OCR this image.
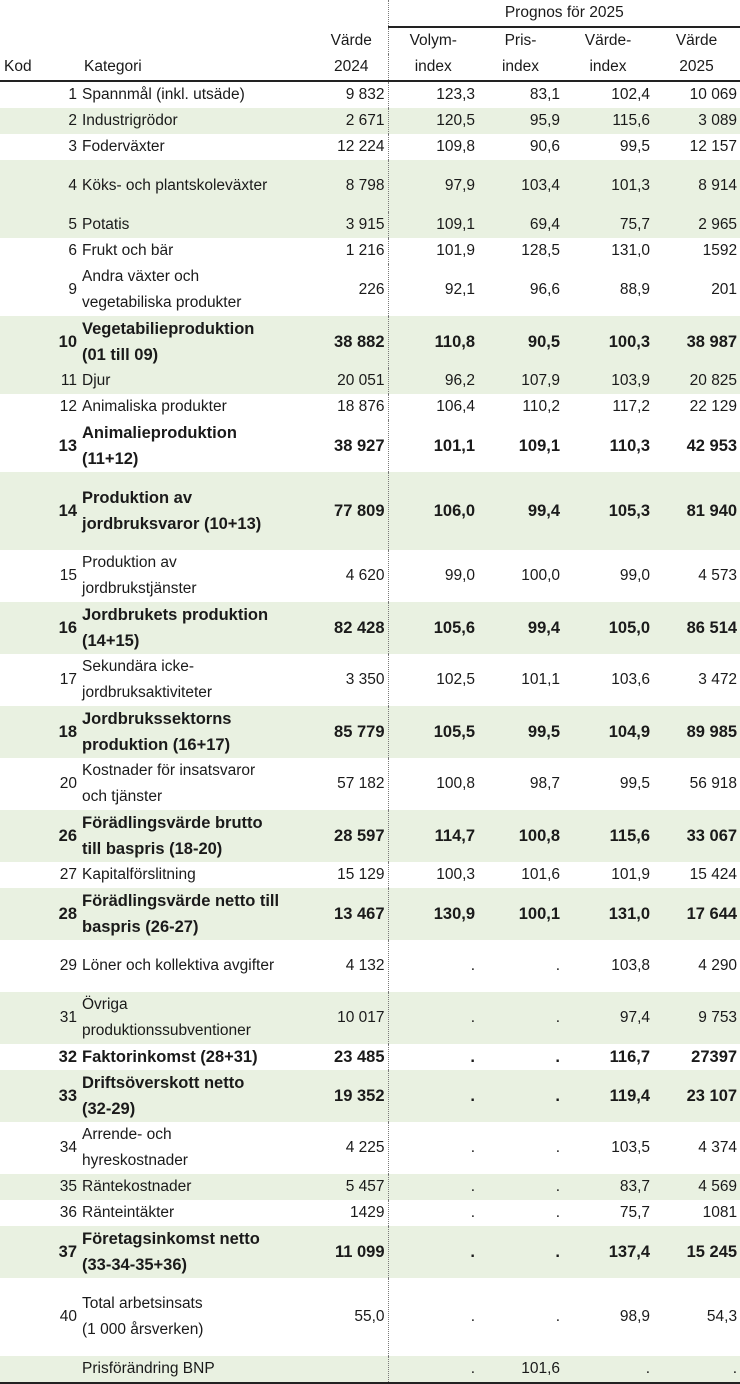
			Prognos för 2025			
		Värde	Volym-	Pris-	Värde-	Värde
Kod	Kategori	2024	index	index	index	2025
1	Spannmål (inkl. utsäde)	9 832	123,3	83,1	102,4	10 069
2	Industrigrödor	2 671	120,5	95,9	115,6	3 089
3	Foderväxter	12 224	109,8	90,6	99,5	12 157
4	Köks- och plantskoleväxter	8 798	97,9	103,4	101,3	8 914
5	Potatis	3 915	109,1	69,4	75,7	2 965
6	Frukt och bär	1 216	101,9	128,5	131,0	1592
9	Andra växter och
vegetabiliska produkter	226	92,1	96,6	88,9	201
10	Vegetabilieproduktion
(01 till 09)	38 882	110,8	90,5	100,3	38 987
11	Djur	20 051	96,2	107,9	103,9	20 825
12	Animaliska produkter	18 876	106,4	110,2	117,2	22 129
13	Animalieproduktion
(11+12)	38 927	101,1	109,1	110,3	42 953
14	Produktion av
jordbruksvaror (10+13)	77 809	106,0	99,4	105,3	81 940
15	Produktion av
jordbrukstjänster	4 620	99,0	100,0	99,0	4 573
16	Jordbrukets produktion
(14+15)	82 428	105,6	99,4	105,0	86 514
17	Sekundära icke-
jordbruksaktiviteter	3 350	102,5	101,1	103,6	3 472
18	Jordbrukssektorns
produktion (16+17)	85 779	105,5	99,5	104,9	89 985
20	Kostnader för insatsvaror
och tjänster	57 182	100,8	98,7	99,5	56 918
26	Förädlingsvärde brutto
till baspris (18-20)	28 597	114,7	100,8	115,6	33 067
27	Kapitalförslitning	15 129	100,3	101,6	101,9	15 424
28	Förädlingsvärde netto till
baspris (26-27)	13 467	130,9	100,1	131,0	17 644
29	Löner och kollektiva avgifter	4 132	.	.	103,8	4 290
31	Övriga
produktionssubventioner	10 017	.	.	97,4	9 753
32	Faktorinkomst (28+31)	23 485	.	.	116,7	27397
33	Driftsöverskott netto
(32-29)	19 352	.	.	119,4	23 107
34	Arrende- och
hyreskostnader	4 225	.	.	103,5	4 374
35	Räntekostnader	5 457	.	.	83,7	4 569
36	Ränteintäkter	1429	.	.	75,7	1081
37	Företagsinkomst netto
(33-34-35+36)	11 099	.	.	137,4	15 245
40	Total arbetsinsats
(1 000 årsverken)	55,0	.	.	98,9	54,3

	Prisförändring BNP		.	101,6	.	.
